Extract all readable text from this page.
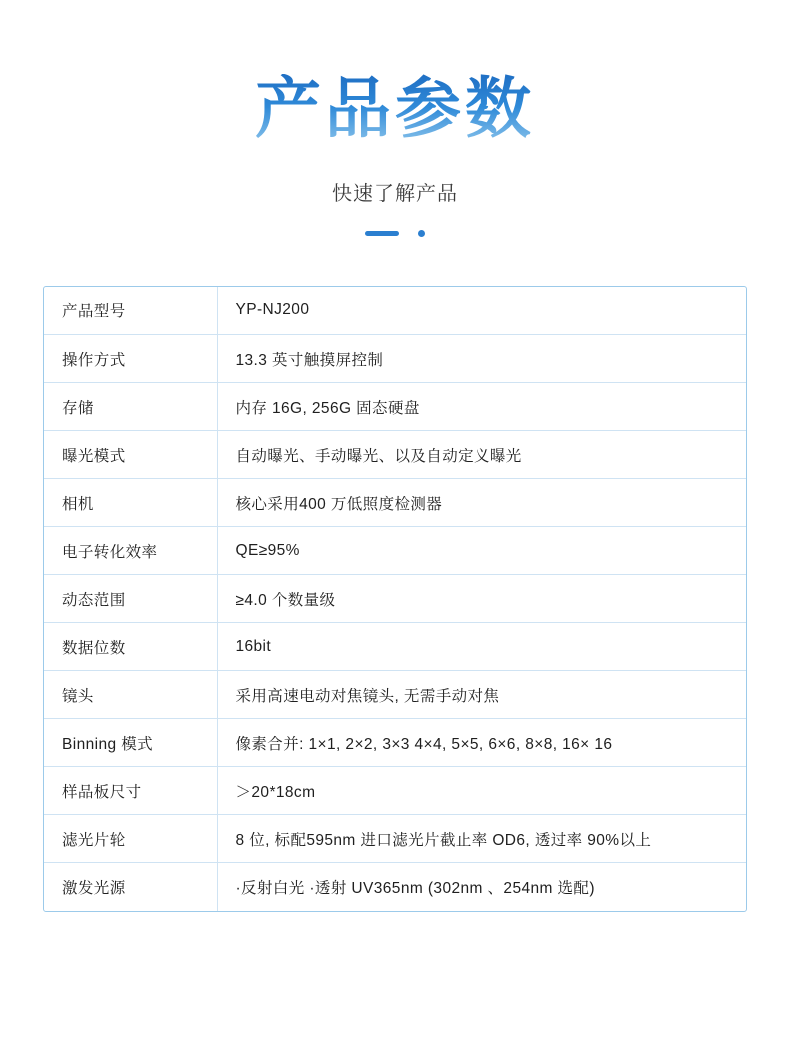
产品参数

快速了解产品

产品型号	YP-NJ200
操作方式	13.3 英寸触摸屏控制
存储	内存 16G, 256G 固态硬盘
曝光模式	自动曝光、手动曝光、以及自动定义曝光
相机	核心采用400 万低照度检测器
电子转化效率	QE≥95%
动态范围	≥4.0 个数量级
数据位数	16bit
镜头	采用高速电动对焦镜头, 无需手动对焦
Binning 模式	像素合并: 1×1, 2×2, 3×3 4×4, 5×5, 6×6, 8×8, 16× 16
样品板尺寸	＞20*18cm
滤光片轮	8 位, 标配595nm 进口滤光片截止率 OD6, 透过率 90%以上
激发光源	·反射白光 ·透射 UV365nm (302nm 、254nm 选配)
